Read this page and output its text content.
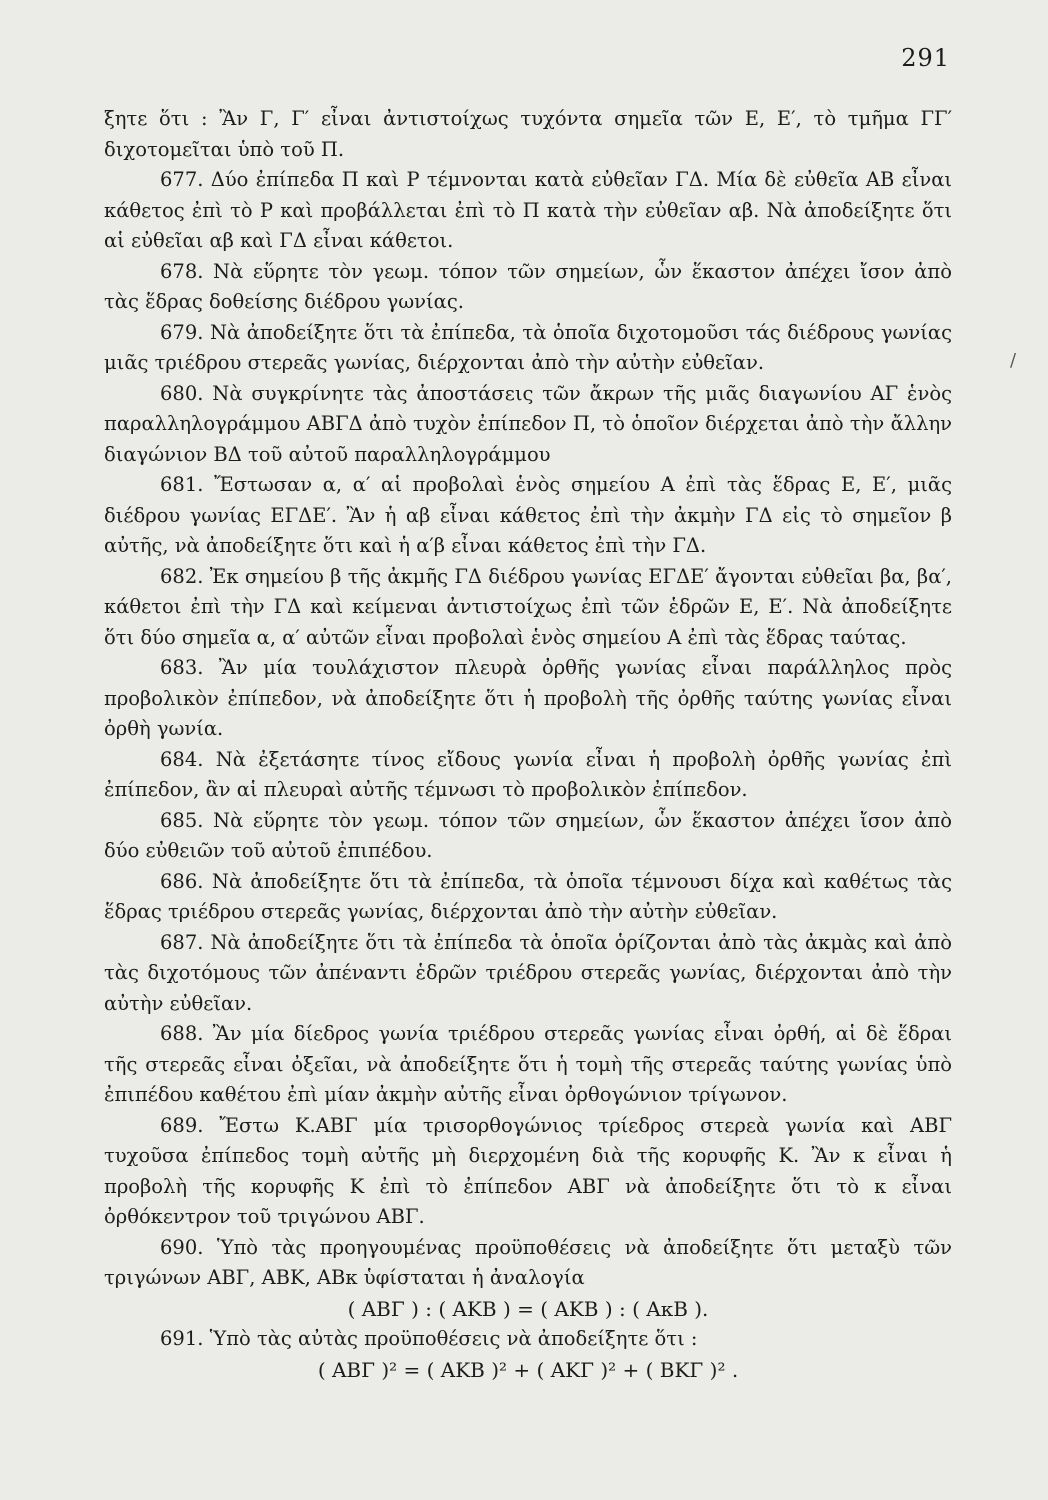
291
/

ξητε ὅτι : Ἂν Γ, Γ′ εἶναι ἀντιστοίχως τυχόντα σημεῖα τῶν Ε, Ε′, τὸ τμῆμα ΓΓ′ διχοτομεῖται ὑπὸ τοῦ Π.

677. Δύο ἐπίπεδα Π καὶ Ρ τέμνονται κατὰ εὐθεῖαν ΓΔ. Μία δὲ εὐθεῖα ΑΒ εἶναι κάθετος ἐπὶ τὸ Ρ καὶ προβάλλεται ἐπὶ τὸ Π κατὰ τὴν εὐθεῖαν αβ. Νὰ ἀποδείξητε ὅτι αἱ εὐθεῖαι αβ καὶ ΓΔ εἶναι κάθετοι.

678. Νὰ εὕρητε τὸν γεωμ. τόπον τῶν σημείων, ὧν ἕκαστον ἀπέχει ἴσον ἀπὸ τὰς ἕδρας δοθείσης διέδρου γωνίας.

679. Νὰ ἀποδείξητε ὅτι τὰ ἐπίπεδα, τὰ ὁποῖα διχοτομοῦσι τάς διέδρους γωνίας μιᾶς τριέδρου στερεᾶς γωνίας, διέρχονται ἀπὸ τὴν αὐτὴν εὐθεῖαν.

680. Νὰ συγκρίνητε τὰς ἀποστάσεις τῶν ἄκρων τῆς μιᾶς διαγωνίου ΑΓ ἑνὸς παραλληλογράμμου ΑΒΓΔ ἀπὸ τυχὸν ἐπίπεδον Π, τὸ ὁποῖον διέρχεται ἀπὸ τὴν ἄλλην διαγώνιον ΒΔ τοῦ αὐτοῦ παραλληλογράμμου

681. Ἔστωσαν α, α′ αἱ προβολαὶ ἑνὸς σημείου Α ἐπὶ τὰς ἕδρας Ε, Ε′, μιᾶς διέδρου γωνίας ΕΓΔΕ′. Ἂν ἡ αβ εἶναι κάθετος ἐπὶ τὴν ἀκμὴν ΓΔ εἰς τὸ σημεῖον β αὐτῆς, νὰ ἀποδείξητε ὅτι καὶ ἡ α′β εἶναι κάθετος ἐπὶ τὴν ΓΔ.

682. Ἐκ σημείου β τῆς ἀκμῆς ΓΔ διέδρου γωνίας ΕΓΔΕ′ ἄγονται εὐθεῖαι βα, βα′, κάθετοι ἐπὶ τὴν ΓΔ καὶ κείμεναι ἀντιστοίχως ἐπὶ τῶν ἑδρῶν Ε, Ε′. Νὰ ἀποδείξητε ὅτι δύο σημεῖα α, α′ αὐτῶν εἶναι προβολαὶ ἑνὸς σημείου Α ἐπὶ τὰς ἕδρας ταύτας.

683. Ἂν μία τουλάχιστον πλευρὰ ὀρθῆς γωνίας εἶναι παράλληλος πρὸς προβολικὸν ἐπίπεδον, νὰ ἀποδείξητε ὅτι ἡ προβολὴ τῆς ὀρθῆς ταύτης γωνίας εἶναι ὀρθὴ γωνία.

684. Νὰ ἐξετάσητε τίνος εἴδους γωνία εἶναι ἡ προβολὴ ὀρθῆς γωνίας ἐπὶ ἐπίπεδον, ἂν αἱ πλευραὶ αὐτῆς τέμνωσι τὸ προβολικὸν ἐπίπεδον.

685. Νὰ εὕρητε τὸν γεωμ. τόπον τῶν σημείων, ὧν ἕκαστον ἀπέχει ἴσον ἀπὸ δύο εὐθειῶν τοῦ αὐτοῦ ἐπιπέδου.

686. Νὰ ἀποδείξητε ὅτι τὰ ἐπίπεδα, τὰ ὁποῖα τέμνουσι δίχα καὶ καθέτως τὰς ἕδρας τριέδρου στερεᾶς γωνίας, διέρχονται ἀπὸ τὴν αὐτὴν εὐθεῖαν.

687. Νὰ ἀποδείξητε ὅτι τὰ ἐπίπεδα τὰ ὁποῖα ὁρίζονται ἀπὸ τὰς ἀκμὰς καὶ ἀπὸ τὰς διχοτόμους τῶν ἀπέναντι ἑδρῶν τριέδρου στερεᾶς γωνίας, διέρχονται ἀπὸ τὴν αὐτὴν εὐθεῖαν.

688. Ἂν μία δίεδρος γωνία τριέδρου στερεᾶς γωνίας εἶναι ὀρθή, αἱ δὲ ἕδραι τῆς στερεᾶς εἶναι ὀξεῖαι, νὰ ἀποδείξητε ὅτι ἡ τομὴ τῆς στερεᾶς ταύτης γωνίας ὑπὸ ἐπιπέδου καθέτου ἐπὶ μίαν ἀκμὴν αὐτῆς εἶναι ὀρθογώνιον τρίγωνον.

689. Ἔστω Κ.ΑΒΓ μία τρισορθογώνιος τρίεδρος στερεὰ γωνία καὶ ΑΒΓ τυχοῦσα ἐπίπεδος τομὴ αὐτῆς μὴ διερχομένη διὰ τῆς κορυφῆς Κ. Ἂν κ εἶναι ἡ προβολὴ τῆς κορυφῆς Κ ἐπὶ τὸ ἐπίπεδον ΑΒΓ νὰ ἀποδείξητε ὅτι τὸ κ εἶναι ὀρθόκεντρον τοῦ τριγώνου ΑΒΓ.

690. Ὑπὸ τὰς προηγουμένας προϋποθέσεις νὰ ἀποδείξητε ὅτι μεταξὺ τῶν τριγώνων ΑΒΓ, ΑΒΚ, ΑΒκ ὑφίσταται ἡ ἀναλογία

( ΑΒΓ ) : ( ΑΚΒ ) = ( ΑΚΒ ) : ( ΑκΒ ).

691. Ὑπὸ τὰς αὐτὰς προϋποθέσεις νὰ ἀποδείξητε ὅτι :

( ΑΒΓ )² = ( ΑΚΒ )² + ( ΑΚΓ )² + ( ΒΚΓ )² .
